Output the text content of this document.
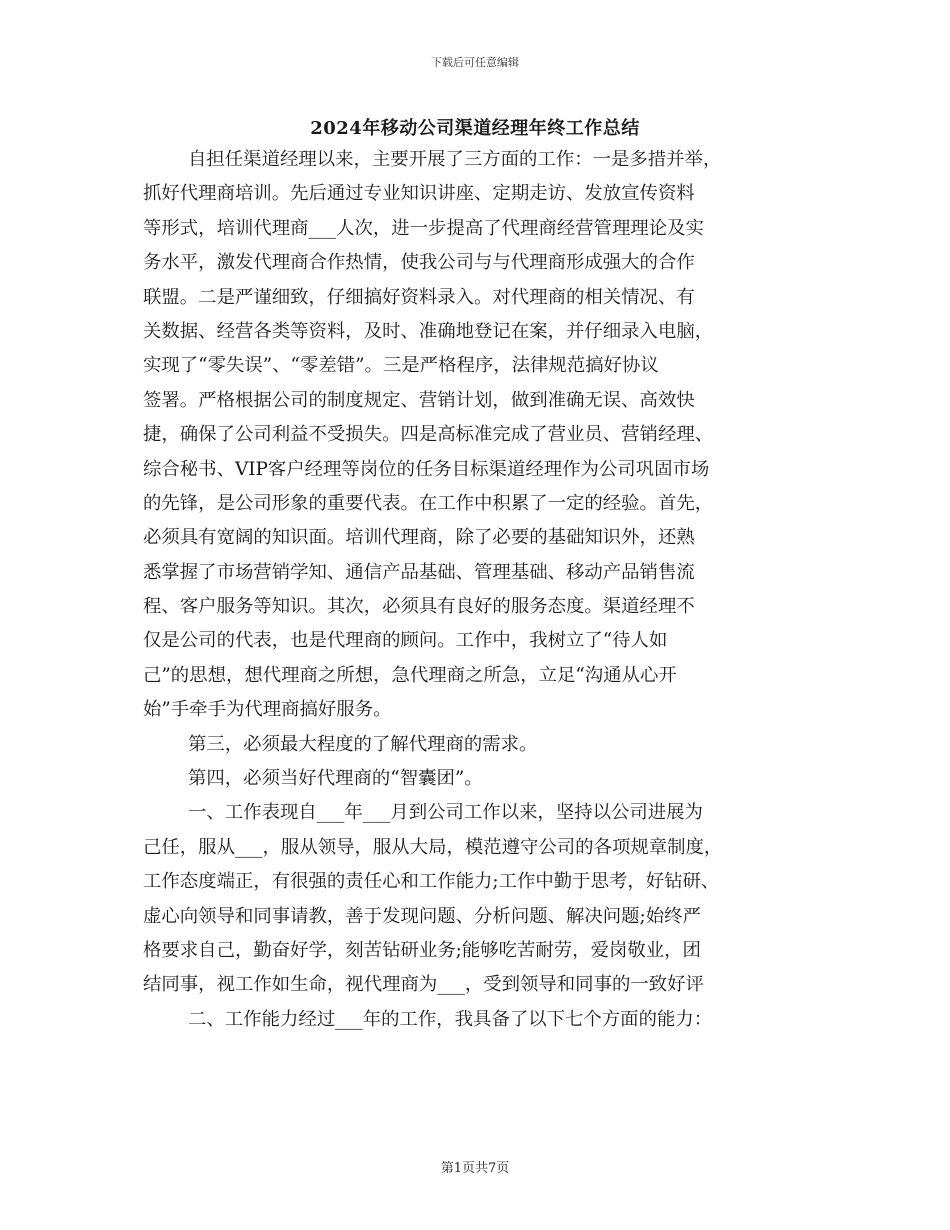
下载后可任意编辑
2024年移动公司渠道经理年终工作总结
自担任渠道经理以来，主要开展了三方面的工作：一是多措并举，
抓好代理商培训。先后通过专业知识讲座、定期走访、发放宣传资料
等形式，培训代理商___人次，进一步提高了代理商经营管理理论及实
务水平，激发代理商合作热情，使我公司与与代理商形成强大的合作
联盟。二是严谨细致，仔细搞好资料录入。对代理商的相关情况、有
关数据、经营各类等资料，及时、准确地登记在案，并仔细录入电脑，
实现了“零失误”、“零差错”。三是严格程序，法律规范搞好协议
签署。严格根据公司的制度规定、营销计划，做到准确无误、高效快
捷，确保了公司利益不受损失。四是高标准完成了营业员、营销经理、
综合秘书、VIP客户经理等岗位的任务目标渠道经理作为公司巩固市场
的先锋，是公司形象的重要代表。在工作中积累了一定的经验。首先，
必须具有宽阔的知识面。培训代理商，除了必要的基础知识外，还熟
悉掌握了市场营销学知、通信产品基础、管理基础、移动产品销售流
程、客户服务等知识。其次，必须具有良好的服务态度。渠道经理不
仅是公司的代表，也是代理商的顾问。工作中，我树立了“待人如
己”的思想，想代理商之所想，急代理商之所急，立足“沟通从心开
始”手牵手为代理商搞好服务。
第三，必须最大程度的了解代理商的需求。
第四，必须当好代理商的“智囊团”。
一、工作表现自___年___月到公司工作以来，坚持以公司进展为
己任，服从___，服从领导，服从大局，模范遵守公司的各项规章制度，
工作态度端正，有很强的责任心和工作能力;工作中勤于思考，好钻研、
虚心向领导和同事请教，善于发现问题、分析问题、解决问题;始终严
格要求自己，勤奋好学，刻苦钻研业务;能够吃苦耐劳，爱岗敬业，团
结同事，视工作如生命，视代理商为___，受到领导和同事的一致好评
二、工作能力经过___年的工作，我具备了以下七个方面的能力：
第1页共7页
